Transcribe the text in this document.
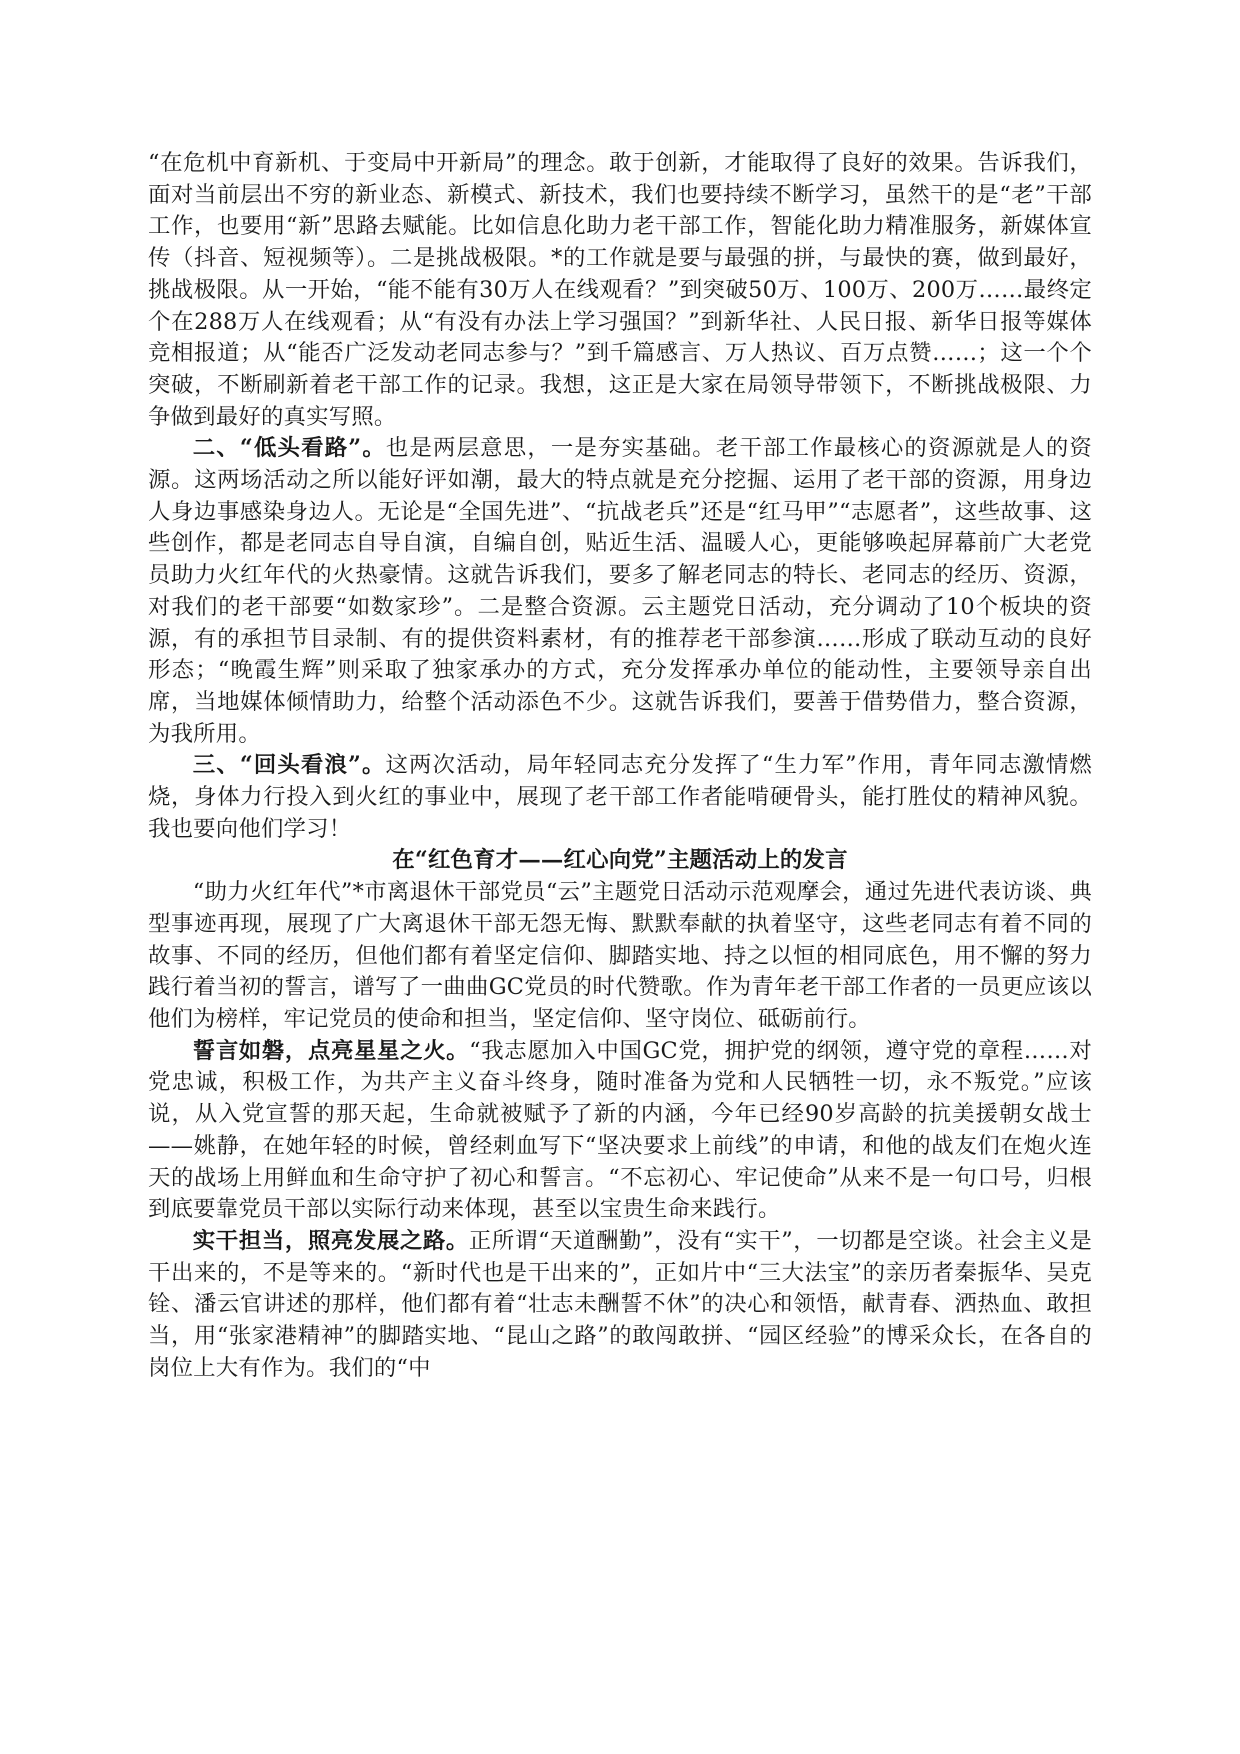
“在危机中育新机、于变局中开新局”的理念。敢于创新，才能取得了良好的效果。告诉我们，面对当前层出不穷的新业态、新模式、新技术，我们也要持续不断学习，虽然干的是“老”干部工作，也要用“新”思路去赋能。比如信息化助力老干部工作，智能化助力精准服务，新媒体宣传（抖音、短视频等）。二是挑战极限。*的工作就是要与最强的拼，与最快的赛，做到最好，挑战极限。从一开始，“能不能有30万人在线观看？”到突破50万、100万、200万……最终定个在288万人在线观看；从“有没有办法上学习强国？”到新华社、人民日报、新华日报等媒体竞相报道；从“能否广泛发动老同志参与？”到千篇感言、万人热议、百万点赞……；这一个个突破，不断刷新着老干部工作的记录。我想，这正是大家在局领导带领下，不断挑战极限、力争做到最好的真实写照。

二、“低头看路”。也是两层意思，一是夯实基础。老干部工作最核心的资源就是人的资源。这两场活动之所以能好评如潮，最大的特点就是充分挖掘、运用了老干部的资源，用身边人身边事感染身边人。无论是“全国先进”、“抗战老兵”还是“红马甲”“志愿者”，这些故事、这些创作，都是老同志自导自演，自编自创，贴近生活、温暖人心，更能够唤起屏幕前广大老党员助力火红年代的火热豪情。这就告诉我们，要多了解老同志的特长、老同志的经历、资源，对我们的老干部要“如数家珍”。二是整合资源。云主题党日活动，充分调动了10个板块的资源，有的承担节目录制、有的提供资料素材，有的推荐老干部参演……形成了联动互动的良好形态；“晚霞生辉”则采取了独家承办的方式，充分发挥承办单位的能动性，主要领导亲自出席，当地媒体倾情助力，给整个活动添色不少。这就告诉我们，要善于借势借力，整合资源，为我所用。

三、“回头看浪”。这两次活动，局年轻同志充分发挥了“生力军”作用，青年同志激情燃烧，身体力行投入到火红的事业中，展现了老干部工作者能啃硬骨头，能打胜仗的精神风貌。我也要向他们学习！

在“红色育才——红心向党”主题活动上的发言

“助力火红年代”*市离退休干部党员“云”主题党日活动示范观摩会，通过先进代表访谈、典型事迹再现，展现了广大离退休干部无怨无悔、默默奉献的执着坚守，这些老同志有着不同的故事、不同的经历，但他们都有着坚定信仰、脚踏实地、持之以恒的相同底色，用不懈的努力践行着当初的誓言，谱写了一曲曲GC党员的时代赞歌。作为青年老干部工作者的一员更应该以他们为榜样，牢记党员的使命和担当，坚定信仰、坚守岗位、砥砺前行。

誓言如磐，点亮星星之火。“我志愿加入中国GC党，拥护党的纲领，遵守党的章程……对党忠诚，积极工作，为共产主义奋斗终身，随时准备为党和人民牺牲一切，永不叛党。”应该说，从入党宣誓的那天起，生命就被赋予了新的内涵，今年已经90岁高龄的抗美援朝女战士——姚静，在她年轻的时候，曾经刺血写下“坚决要求上前线”的申请，和他的战友们在炮火连天的战场上用鲜血和生命守护了初心和誓言。“不忘初心、牢记使命”从来不是一句口号，归根到底要靠党员干部以实际行动来体现，甚至以宝贵生命来践行。

实干担当，照亮发展之路。正所谓“天道酬勤”，没有“实干”，一切都是空谈。社会主义是干出来的，不是等来的。“新时代也是干出来的”，正如片中“三大法宝”的亲历者秦振华、吴克铨、潘云官讲述的那样，他们都有着“壮志未酬誓不休”的决心和领悟，献青春、洒热血、敢担当，用“张家港精神”的脚踏实地、“昆山之路”的敢闯敢拼、“园区经验”的博采众长，在各自的岗位上大有作为。我们的“中
